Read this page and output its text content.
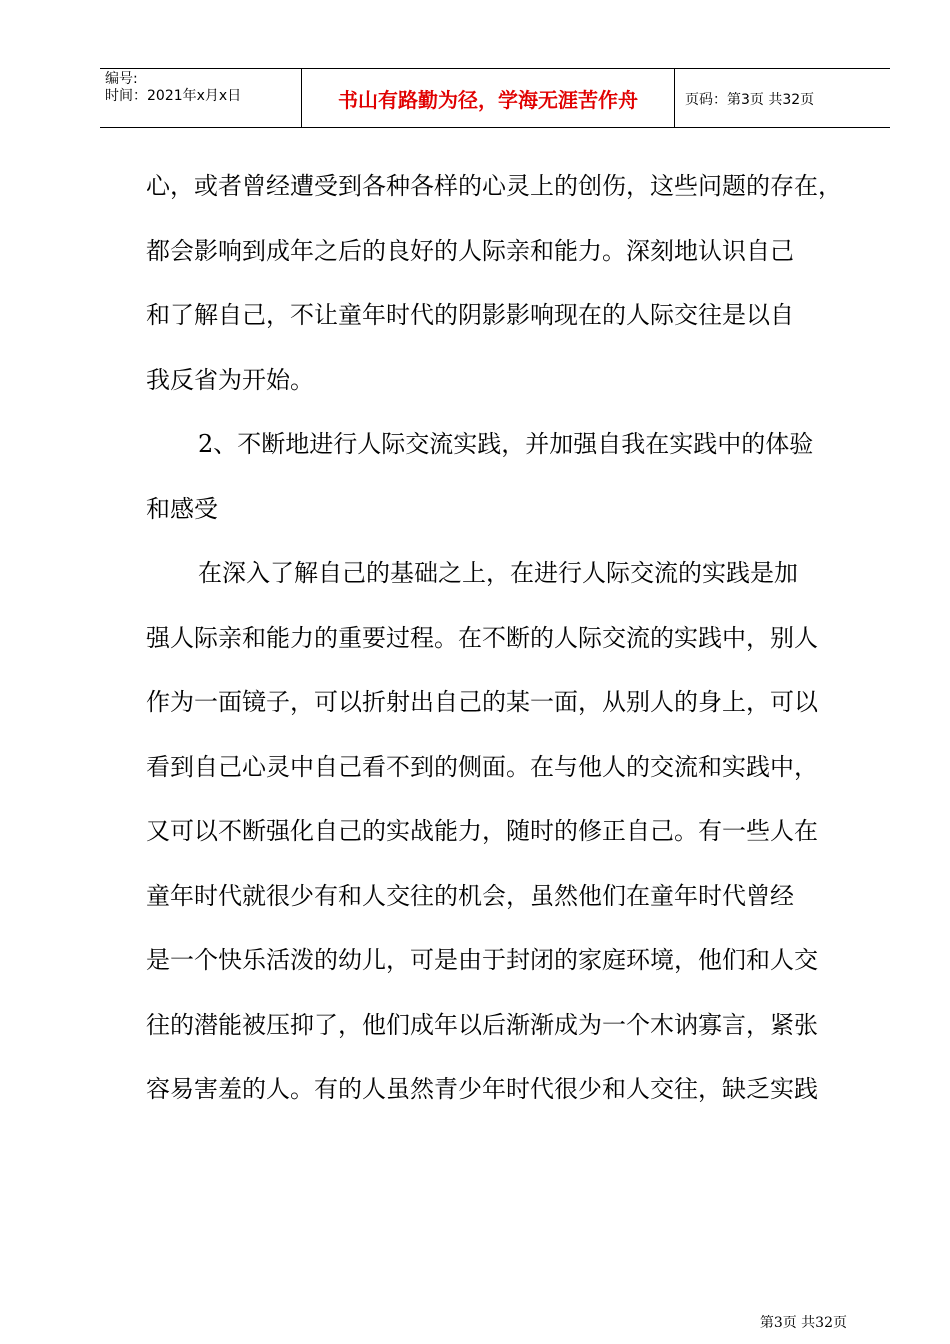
编号:
时间：2021年x月x日	书山有路勤为径，学海无涯苦作舟	页码：第3页 共32页
心，或者曾经遭受到各种各样的心灵上的创伤，这些问题的存在，
都会影响到成年之后的良好的人际亲和能力。深刻地认识自己
和了解自己，不让童年时代的阴影影响现在的人际交往是以自
我反省为开始。
2、不断地进行人际交流实践，并加强自我在实践中的体验
和感受
在深入了解自己的基础之上，在进行人际交流的实践是加
强人际亲和能力的重要过程。在不断的人际交流的实践中，别人
作为一面镜子，可以折射出自己的某一面，从别人的身上，可以
看到自己心灵中自己看不到的侧面。在与他人的交流和实践中，
又可以不断强化自己的实战能力，随时的修正自己。有一些人在
童年时代就很少有和人交往的机会，虽然他们在童年时代曾经
是一个快乐活泼的幼儿，可是由于封闭的家庭环境，他们和人交
往的潜能被压抑了，他们成年以后渐渐成为一个木讷寡言，紧张
容易害羞的人。有的人虽然青少年时代很少和人交往，缺乏实践
第3页 共32页
